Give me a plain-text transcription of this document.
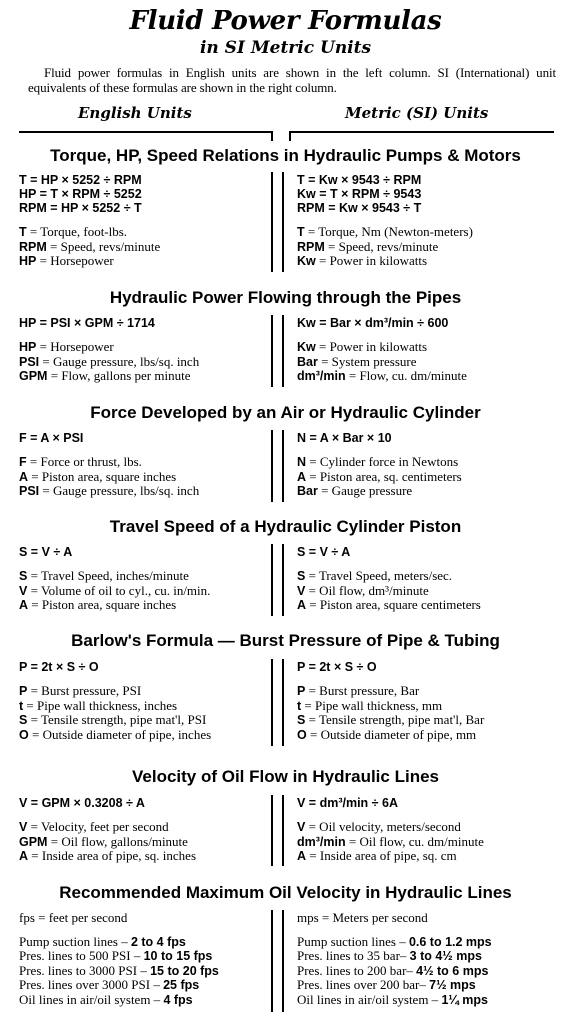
Fluid Power Formulas
in SI Metric Units
Fluid power formulas in English units are shown in the left column. SI (International) unit equivalents of these formulas are shown in the right column.
English Units	Metric (SI) Units
Torque, HP, Speed Relations in Hydraulic Pumps & Motors
T = HP × 5252 ÷ RPM
HP = T × RPM ÷ 5252
RPM = HP × 5252 ÷ T
T = Torque, foot-lbs.
RPM = Speed, revs/minute
HP = Horsepower
T = Kw × 9543 ÷ RPM
Kw = T × RPM ÷ 9543
RPM = Kw × 9543 ÷ T
T = Torque, Nm (Newton-meters)
RPM = Speed, revs/minute
Kw = Power in kilowatts
Hydraulic Power Flowing through the Pipes
HP = PSI × GPM ÷ 1714
HP = Horsepower
PSI = Gauge pressure, lbs/sq. inch
GPM = Flow, gallons per minute
Kw = Bar × dm³/min ÷ 600
Kw = Power in kilowatts
Bar = System pressure
dm³/min = Flow, cu. dm/minute
Force Developed by an Air or Hydraulic Cylinder
F = A × PSI
F = Force or thrust, lbs.
A = Piston area, square inches
PSI = Gauge pressure, lbs/sq. inch
N = A × Bar × 10
N = Cylinder force in Newtons
A = Piston area, sq. centimeters
Bar = Gauge pressure
Travel Speed of a Hydraulic Cylinder Piston
S = V ÷ A
S = Travel Speed, inches/minute
V = Volume of oil to cyl., cu. in/min.
A = Piston area, square inches
S = V ÷ A
S = Travel Speed, meters/sec.
V = Oil flow, dm³/minute
A = Piston area, square centimeters
Barlow's Formula — Burst Pressure of Pipe & Tubing
P = 2t × S ÷ O
P = Burst pressure, PSI
t = Pipe wall thickness, inches
S = Tensile strength, pipe mat'l, PSI
O = Outside diameter of pipe, inches
P = 2t × S ÷ O
P = Burst pressure, Bar
t = Pipe wall thickness, mm
S = Tensile strength, pipe mat'l, Bar
O = Outside diameter of pipe, mm
Velocity of Oil Flow in Hydraulic Lines
V = GPM × 0.3208 ÷ A
V = Velocity, feet per second
GPM = Oil flow, gallons/minute
A = Inside area of pipe, sq. inches
V = dm³/min ÷ 6A
V = Oil velocity, meters/second
dm³/min = Oil flow, cu. dm/minute
A = Inside area of pipe, sq. cm
Recommended Maximum Oil Velocity in Hydraulic Lines
fps = feet per second
Pump suction lines – 2 to 4 fps
Pres. lines to 500 PSI – 10 to 15 fps
Pres. lines to 3000 PSI – 15 to 20 fps
Pres. lines over 3000 PSI – 25 fps
Oil lines in air/oil system – 4 fps
mps = Meters per second
Pump suction lines – 0.6 to 1.2 mps
Pres. lines to 35 bar– 3 to 4½ mps
Pres. lines to 200 bar– 4½ to 6 mps
Pres. lines over 200 bar– 7½ mps
Oil lines in air/oil system – 1¼ mps
